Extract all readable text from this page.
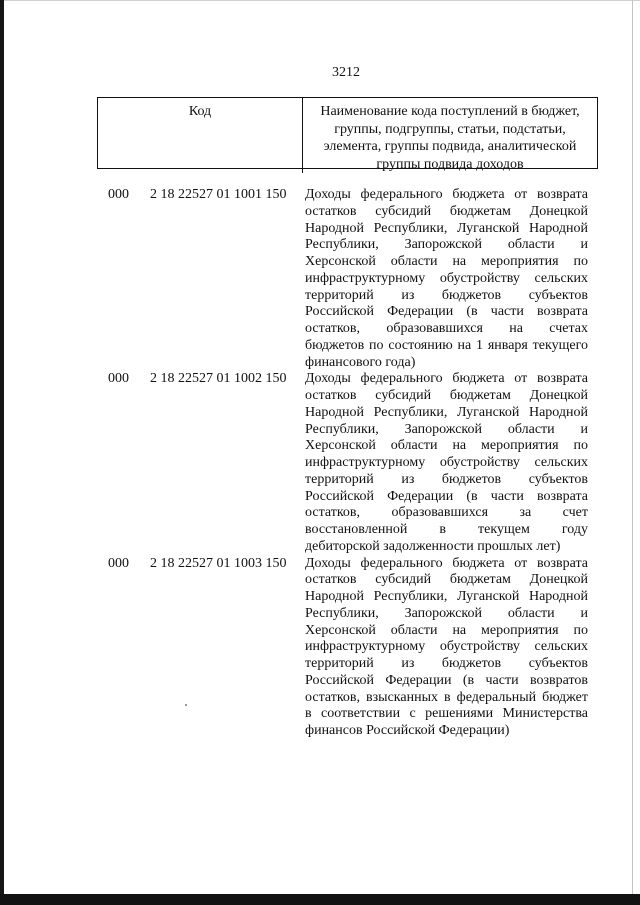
3212
Код	Наименование кода поступлений в бюджет,
группы, подгруппы, статьи, подстатьи,
элемента, группы подвида, аналитической
группы подвида доходов
000 2 18 22527 01 1001 150 Доходы федерального бюджета от возврата
остатков субсидий бюджетам Донецкой
Народной Республики, Луганской Народной
Республики, Запорожской области и
Херсонской области на мероприятия по
инфраструктурному обустройству сельских
территорий из бюджетов субъектов
Российской Федерации (в части возврата
остатков, образовавшихся на счетах
бюджетов по состоянию на 1 января текущего
финансового года)
000 2 18 22527 01 1002 150 Доходы федерального бюджета от возврата
остатков субсидий бюджетам Донецкой
Народной Республики, Луганской Народной
Республики, Запорожской области и
Херсонской области на мероприятия по
инфраструктурному обустройству сельских
территорий из бюджетов субъектов
Российской Федерации (в части возврата
остатков, образовавшихся за счет
восстановленной в текущем году
дебиторской задолженности прошлых лет)
000 2 18 22527 01 1003 150 Доходы федерального бюджета от возврата
остатков субсидий бюджетам Донецкой
Народной Республики, Луганской Народной
Республики, Запорожской области и
Херсонской области на мероприятия по
инфраструктурному обустройству сельских
территорий из бюджетов субъектов
Российской Федерации (в части возвратов
остатков, взысканных в федеральный бюджет
в соответствии с решениями Министерства
финансов Российской Федерации)
